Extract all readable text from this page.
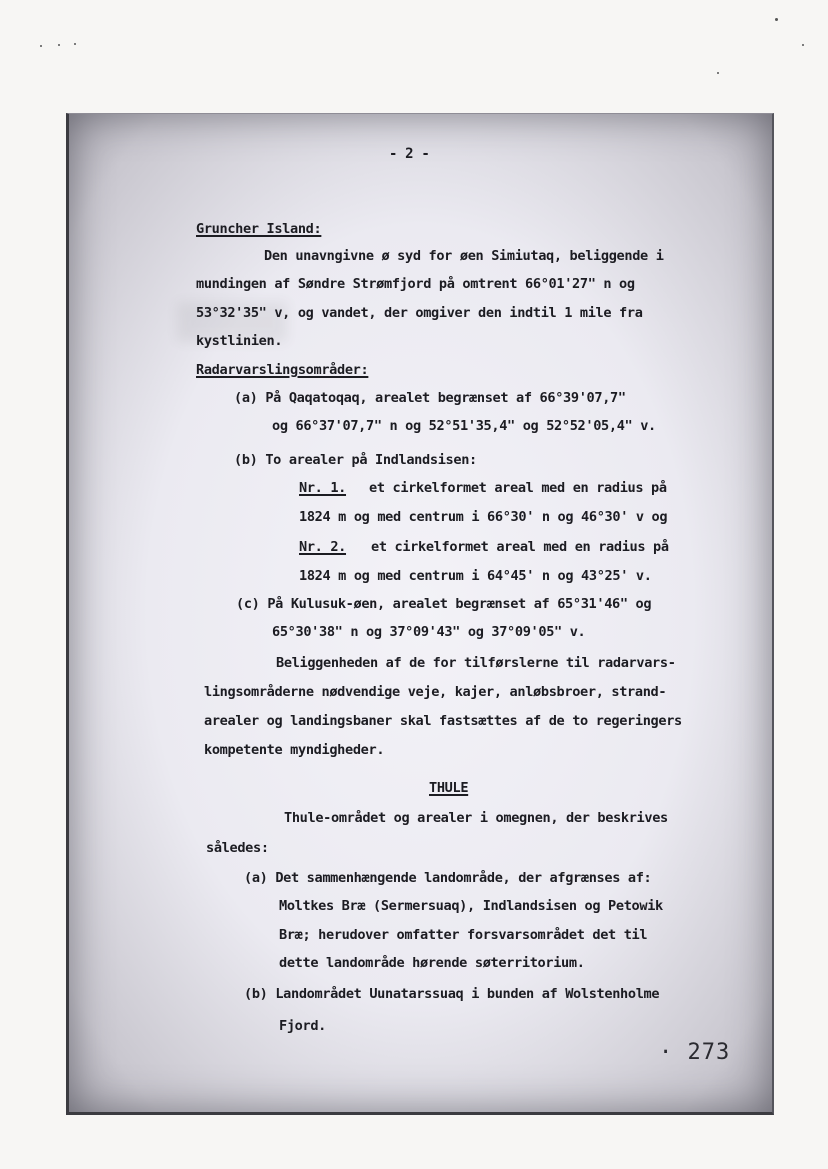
- 2 -
Gruncher Island:
Den unavngivne ø syd for øen Simiutaq, beliggende i
mundingen af Søndre Strømfjord på omtrent 66°01'27" n og
53°32'35" v, og vandet, der omgiver den indtil 1 mile fra
kystlinien.
Radarvarslingsområder:
(a) På Qaqatoqaq, arealet begrænset af 66°39'07,7"
og 66°37'07,7" n og 52°51'35,4" og 52°52'05,4" v.
(b) To arealer på Indlandsisen:
Nr. 1. et cirkelformet areal med en radius på
1824 m og med centrum i 66°30' n og 46°30' v og
Nr. 2. et cirkelformet areal med en radius på
1824 m og med centrum i 64°45' n og 43°25' v.
(c) På Kulusuk-øen, arealet begrænset af 65°31'46" og
65°30'38" n og 37°09'43" og 37°09'05" v.
Beliggenheden af de for tilførslerne til radarvars-
lingsområderne nødvendige veje, kajer, anløbsbroer, strand-
arealer og landingsbaner skal fastsættes af de to regeringers
kompetente myndigheder.
THULE
Thule-området og arealer i omegnen, der beskrives
således:
(a) Det sammenhængende landområde, der afgrænses af:
Moltkes Bræ (Sermersuaq), Indlandsisen og Petowik
Bræ; herudover omfatter forsvarsområdet det til
dette landområde hørende søterritorium.
(b) Landområdet Uunatarssuaq i bunden af Wolstenholme
Fjord.
· 273
